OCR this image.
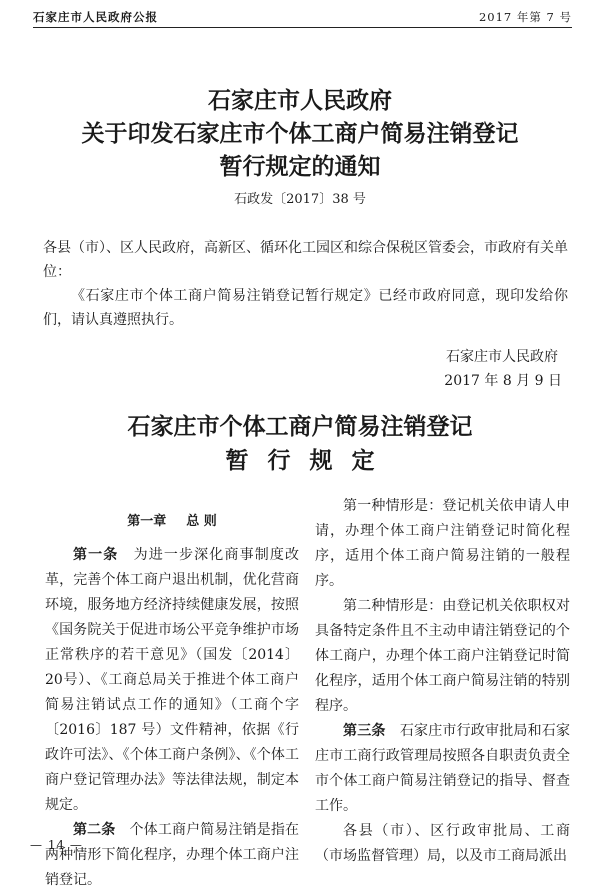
石家庄市人民政府公报	2017 年第 7 号
石家庄市人民政府
关于印发石家庄市个体工商户简易注销登记
暂行规定的通知
石政发〔2017〕38 号
各县（市）、区人民政府，高新区、循环化工园区和综合保税区管委会，市政府有关单位：
《石家庄市个体工商户简易注销登记暂行规定》已经市政府同意，现印发给你们，请认真遵照执行。
石家庄市人民政府
2017 年 8 月 9 日
石家庄市个体工商户简易注销登记
暂行规定
第一章 总 则

第一条　 为进一步深化商事制度改革，完善个体工商户退出机制，优化营商环境，服务地方经济持续健康发展，按照《国务院关于促进市场公平竞争维护市场正常秩序的若干意见》（国发〔2014〕20号）、《工商总局关于推进个体工商户简易注销试点工作的通知》（工商个字〔2016〕187 号）文件精神，依据《行政许可法》、《个体工商户条例》、《个体工商户登记管理办法》等法律法规，制定本规定。

第二条　 个体工商户简易注销是指在两种情形下简化程序，办理个体工商户注销登记。

第一种情形是：登记机关依申请人申请，办理个体工商户注销登记时简化程序，适用个体工商户简易注销的一般程序。

第二种情形是：由登记机关依职权对具备特定条件且不主动申请注销登记的个体工商户，办理个体工商户注销登记时简化程序，适用个体工商户简易注销的特别程序。

第三条　 石家庄市行政审批局和石家庄市工商行政管理局按照各自职责负责全市个体工商户简易注销登记的指导、督查工作。

各县（市）、区行政审批局、工商（市场监督管理）局，以及市工商局派出

— 14 —
